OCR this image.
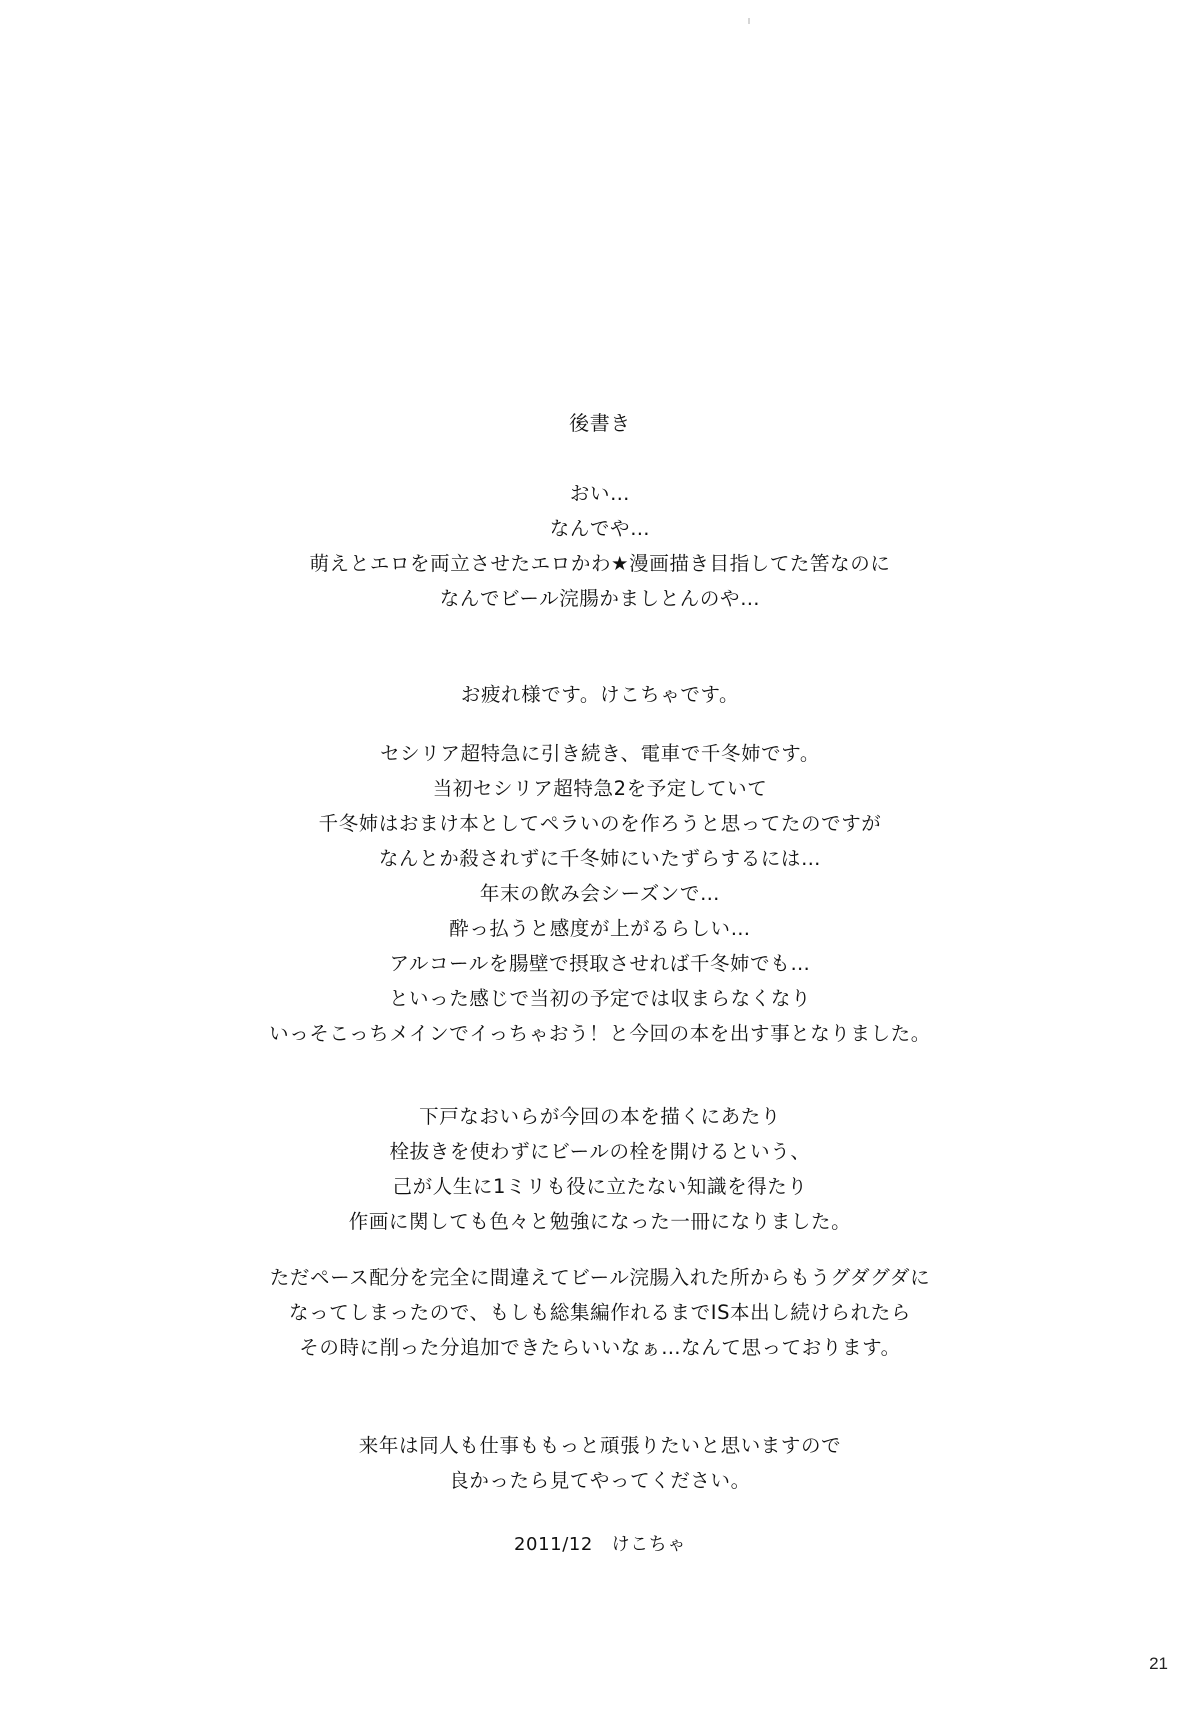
後書き
おい…
なんでや…
萌えとエロを両立させたエロかわ★漫画描き目指してた筈なのに
なんでビール浣腸かましとんのや…
お疲れ様です。けこちゃです。
セシリア超特急に引き続き、電車で千冬姉です。
当初セシリア超特急2を予定していて
千冬姉はおまけ本としてペラいのを作ろうと思ってたのですが
なんとか殺されずに千冬姉にいたずらするには…
年末の飲み会シーズンで…
酔っ払うと感度が上がるらしい…
アルコールを腸壁で摂取させれば千冬姉でも…
といった感じで当初の予定では収まらなくなり
いっそこっちメインでイっちゃおう！と今回の本を出す事となりました。
下戸なおいらが今回の本を描くにあたり
栓抜きを使わずにビールの栓を開けるという、
己が人生に1ミリも役に立たない知識を得たり
作画に関しても色々と勉強になった一冊になりました。
ただペース配分を完全に間違えてビール浣腸入れた所からもうグダグダに
なってしまったので、もしも総集編作れるまでIS本出し続けられたら
その時に削った分追加できたらいいなぁ…なんて思っております。
来年は同人も仕事ももっと頑張りたいと思いますので
良かったら見てやってください。
2011/12　けこちゃ
21
